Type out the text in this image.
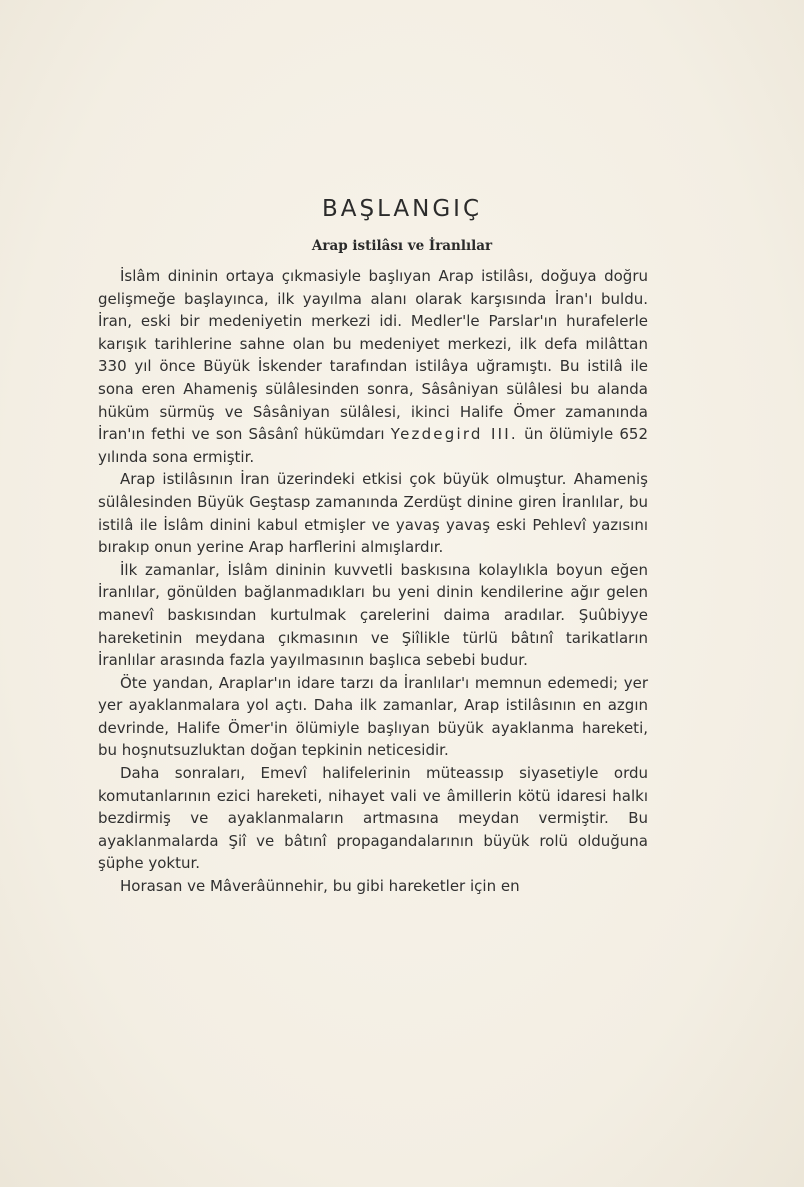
BAŞLANGIÇ
Arap istilâsı ve İranlılar

İslâm dininin ortaya çıkmasiyle başlıyan Arap istilâsı, doğuya doğru gelişmeğe başlayınca, ilk yayılma alanı olarak karşısında İran'ı buldu. İran, eski bir medeniyetin merkezi idi. Medler'le Parslar'ın hurafelerle karışık tarihlerine sahne olan bu medeniyet merkezi, ilk defa milâttan 330 yıl önce Büyük İskender tarafından istilâya uğramıştı. Bu istilâ ile sona eren Ahameniş sülâlesinden sonra, Sâsâniyan sülâlesi bu alanda hüküm sürmüş ve Sâsâniyan sülâlesi, ikinci Halife Ömer zamanında İran'ın fethi ve son Sâsânî hükümdarı Yezdegird III. ün ölümiyle 652 yılında sona ermiştir.

Arap istilâsının İran üzerindeki etkisi çok büyük olmuştur. Ahameniş sülâlesinden Büyük Geştasp zamanında Zerdüşt dinine giren İranlılar, bu istilâ ile İslâm dinini kabul etmişler ve yavaş yavaş eski Pehlevî yazısını bırakıp onun yerine Arap harflerini almışlardır.

İlk zamanlar, İslâm dininin kuvvetli baskısına kolaylıkla boyun eğen İranlılar, gönülden bağlanmadıkları bu yeni dinin kendilerine ağır gelen manevî baskısından kurtulmak çarelerini daima aradılar. Şuûbiyye hareketinin meydana çıkmasının ve Şiîlikle türlü bâtınî tarikatların İranlılar arasında fazla yayılmasının başlıca sebebi budur.

Öte yandan, Araplar'ın idare tarzı da İranlılar'ı memnun edemedi; yer yer ayaklanmalara yol açtı. Daha ilk zamanlar, Arap istilâsının en azgın devrinde, Halife Ömer'in ölümiyle başlıyan büyük ayaklanma hareketi, bu hoşnutsuzluktan doğan tepkinin neticesidir.

Daha sonraları, Emevî halifelerinin müteassıp siyasetiyle ordu komutanlarının ezici hareketi, nihayet vali ve âmillerin kötü idaresi halkı bezdirmiş ve ayaklanmaların artmasına meydan vermiştir. Bu ayaklanmalarda Şiî ve bâtınî propagandalarının büyük rolü olduğuna şüphe yoktur.

Horasan ve Mâverâünnehir, bu gibi hareketler için en
